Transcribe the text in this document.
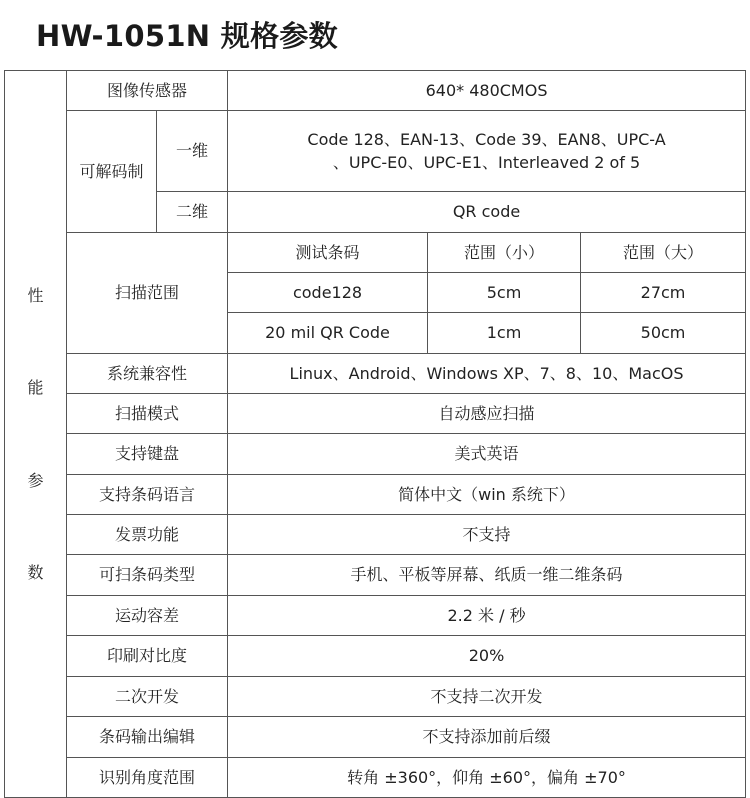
HW-1051N 规格参数
性
能
参
数	图像传感器		640* 480CMOS		
	可解码制	一维	Code 128、EAN-13、Code 39、EAN8、UPC-A
、UPC-E0、UPC-E1、Interleaved 2 of 5		

		二维	QR code		
	扫描范围		测试条码	范围（小）	范围（大）
			code128	5cm	27cm
			20 mil QR Code	1cm	50cm
	系统兼容性		Linux、Android、Windows XP、7、8、10、MacOS		
	扫描模式		自动感应扫描		
	支持键盘		美式英语		
	支持条码语言		简体中文（win 系统下）		
	发票功能		不支持		
	可扫条码类型		手机、平板等屏幕、纸质一维二维条码		
	运动容差		2.2 米 / 秒		
	印刷对比度		20%		
	二次开发		不支持二次开发		
	条码输出编辑		不支持添加前后缀		
	识别角度范围		转角 ±360°，仰角 ±60°，偏角 ±70°		
